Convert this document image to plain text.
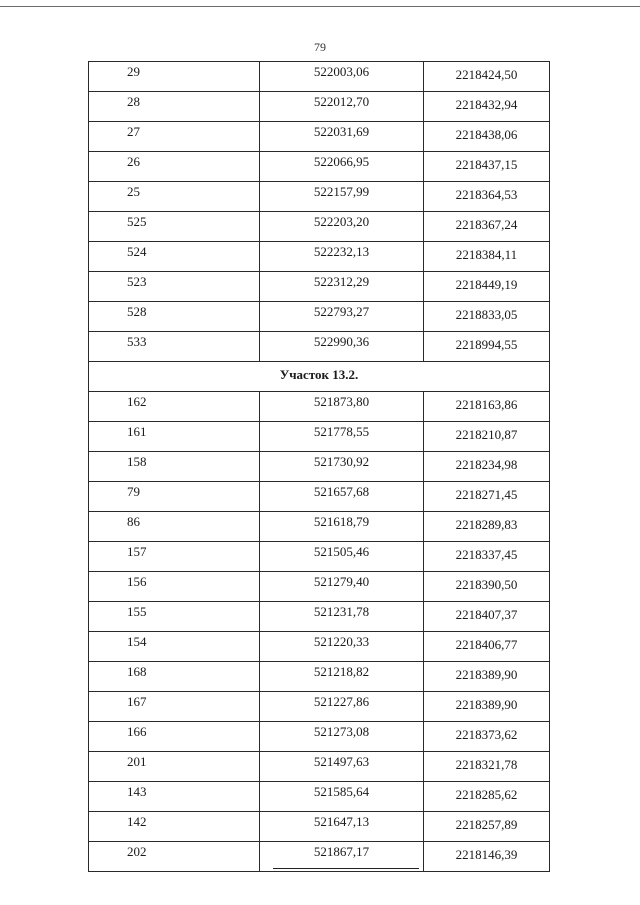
79
29	522003,06	2218424,50
28	522012,70	2218432,94
27	522031,69	2218438,06
26	522066,95	2218437,15
25	522157,99	2218364,53
525	522203,20	2218367,24
524	522232,13	2218384,11
523	522312,29	2218449,19
528	522793,27	2218833,05
533	522990,36	2218994,55
Участок 13.2.		
162	521873,80	2218163,86
161	521778,55	2218210,87
158	521730,92	2218234,98
79	521657,68	2218271,45
86	521618,79	2218289,83
157	521505,46	2218337,45
156	521279,40	2218390,50
155	521231,78	2218407,37
154	521220,33	2218406,77
168	521218,82	2218389,90
167	521227,86	2218389,90
166	521273,08	2218373,62
201	521497,63	2218321,78
143	521585,64	2218285,62
142	521647,13	2218257,89
202	521867,17	2218146,39
